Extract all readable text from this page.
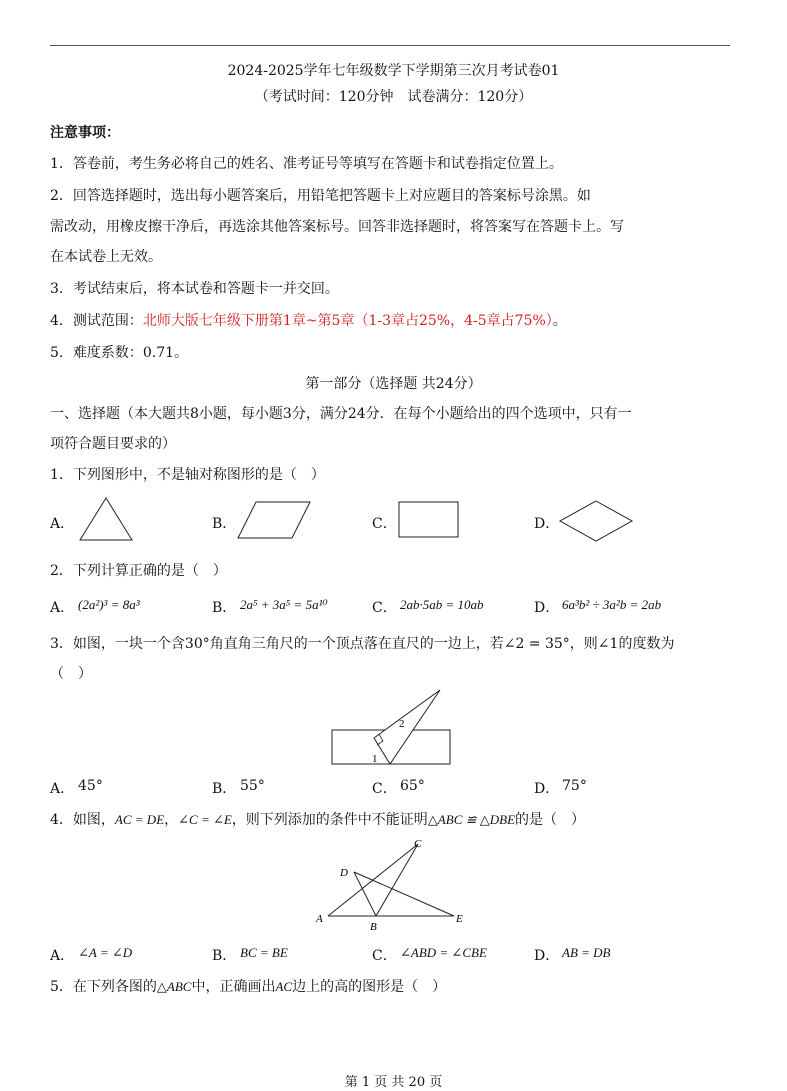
2024-2025学年七年级数学下学期第三次月考试卷01
（考试时间：120分钟　试卷满分：120分）
注意事项：
1．答卷前，考生务必将自己的姓名、准考证号等填写在答题卡和试卷指定位置上。
2．回答选择题时，选出每小题答案后，用铅笔把答题卡上对应题目的答案标号涂黑。如
需改动，用橡皮擦干净后，再选涂其他答案标号。回答非选择题时，将答案写在答题卡上。写
在本试卷上无效。
3．考试结束后，将本试卷和答题卡一并交回。
4．测试范围：北师大版七年级下册第1章~第5章（1-3章占25%，4-5章占75%）。
5．难度系数：0.71。
第一部分（选择题 共24分）
一、选择题（本大题共8小题，每小题3分，满分24分．在每个小题给出的四个选项中，只有一
项符合题目要求的）
1．下列图形中，不是轴对称图形的是（　）
A．	B．	C．	D．
2．下列计算正确的是（　）
A． (2a²)³ = 8a³	B． 2a⁵ + 3a⁵ = 5a¹⁰	C． 2ab·5ab = 10ab	D． 6a³b² ÷ 3a²b = 2ab
3．如图，一块一个含30°角直角三角尺的一个顶点落在直尺的一边上，若∠2 = 35°，则∠1的度数为
（　）
2
1
A． 45°	B． 55°	C． 65°	D． 75°
4．如图，AC = DE，∠C = ∠E，则下列添加的条件中不能证明△ABC ≌ △DBE的是（　）
A
B
C
D
E
A． ∠A = ∠D	B． BC = BE	C． ∠ABD = ∠CBE	D． AB = DB
5．在下列各图的△ABC中，正确画出AC边上的高的图形是（　）
第 1 页 共 20 页
